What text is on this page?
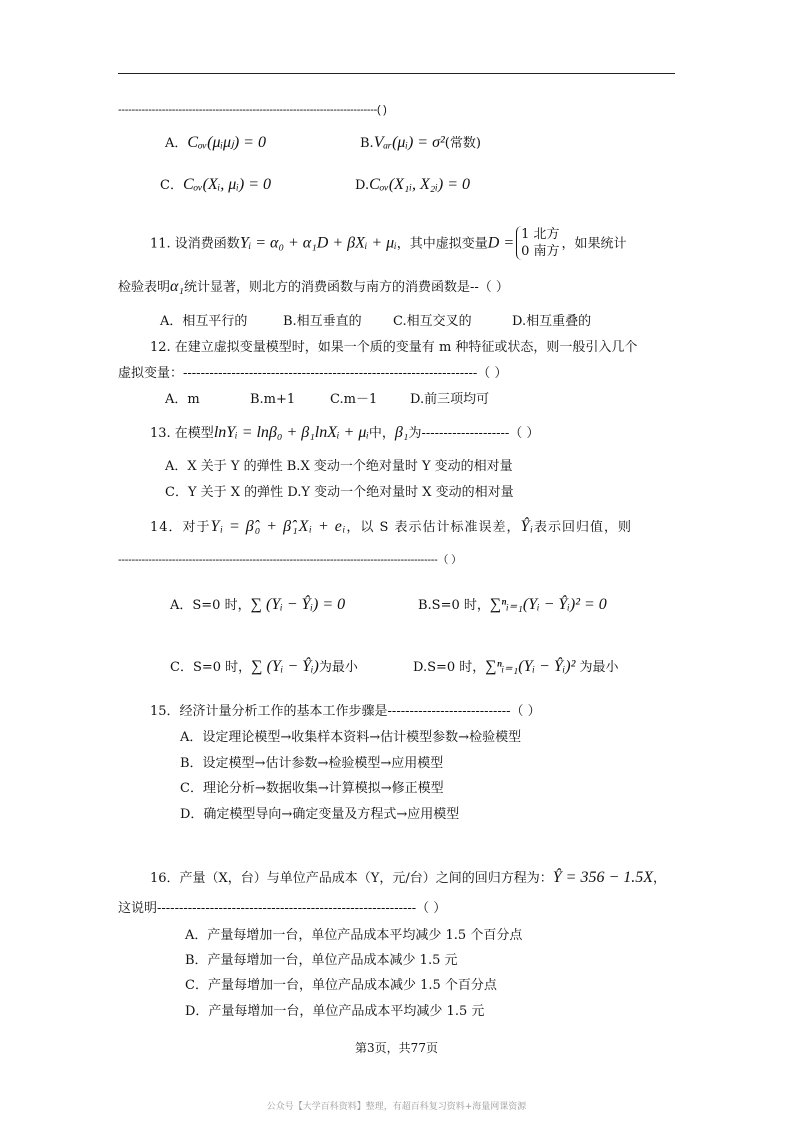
-----------------------------------------------------------------------------( )
A．Cₒᵥ(μᵢμⱼ) = 0	B.Vₐᵣ(μᵢ) = σ²(常数)
C．Cₒᵥ(Xᵢ, μᵢ) = 0	D.Cₒᵥ(X₁ᵢ, X₂ᵢ) = 0
11. 设消费函数Yᵢ = α₀ + α₁D + βXᵢ + μᵢ，其中虚拟变量D = 1 北方
0 南方 ，如果统计
检验表明α₁统计显著，则北方的消费函数与南方的消费函数是--（ ）
A．相互平行的	B.相互垂直的 C.相互交叉的	D.相互重叠的
12. 在建立虚拟变量模型时，如果一个质的变量有 m 种特征或状态，则一般引入几个
虚拟变量：-------------------------------------------------------------------（ ）
A．m	B.m+1	C.m－1	D.前三项均可
13. 在模型lnYᵢ = lnβ₀ + β₁lnXᵢ + μᵢ中，β₁为--------------------（ ）
A．X 关于 Y 的弹性 B.X 变动一个绝对量时 Y 变动的相对量
C．Y 关于 X 的弹性 D.Y 变动一个绝对量时 X 变动的相对量
14．对于Yᵢ = β̂₀ + β̂₁Xᵢ + eᵢ，以 S 表示估计标准误差，Ŷᵢ表示回归值，则
-----------------------------------------------------------------------------------------------（ ）
A．S=0 时，∑ (Yᵢ − Ŷᵢ) = 0	B.S=0 时，∑ⁿᵢ₌₁(Yᵢ − Ŷᵢ)² = 0
C．S=0 时，∑ (Yᵢ − Ŷᵢ)为最小	D.S=0 时，∑ⁿᵢ₌₁(Yᵢ − Ŷᵢ)² 为最小
15．经济计量分析工作的基本工作步骤是----------------------------（ ）
A．设定理论模型→收集样本资料→估计模型参数→检验模型
B．设定模型→估计参数→检验模型→应用模型
C．理论分析→数据收集→计算模拟→修正模型
D．确定模型导向→确定变量及方程式→应用模型
16．产量（X，台）与单位产品成本（Y，元/台）之间的回归方程为：Ŷ = 356 − 1.5X，
这说明-----------------------------------------------------------（ ）
A．产量每增加一台，单位产品成本平均减少 1.5 个百分点
B．产量每增加一台，单位产品成本减少 1.5 元
C．产量每增加一台，单位产品成本减少 1.5 个百分点
D．产量每增加一台，单位产品成本平均减少 1.5 元
第3页，共77页
公众号【大学百科资料】整理，有超百科复习资料+海量网课资源
